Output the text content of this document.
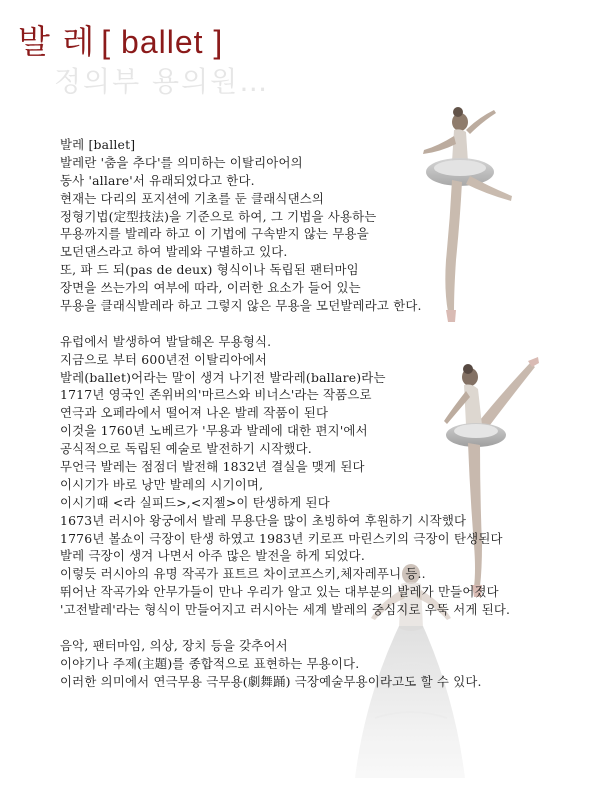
정의부 용의원…
발 레 [ ballet ]
발레 [ballet]
발레란 '춤을 추다'를 의미하는 이탈리아어의
동사 'allare'서 유래되었다고 한다.
현재는 다리의 포지션에 기초를 둔 클래식댄스의
정형기법(定型技法)을 기준으로 하여, 그 기법을 사용하는
무용까지를 발레라 하고 이 기법에 구속받지 않는 무용을
모던댄스라고 하여 발레와 구별하고 있다.
또, 파 드 되(pas de deux) 형식이나 독립된 팬터마임
장면을 쓰는가의 여부에 따라, 이러한 요소가 들어 있는
무용을 클래식발레라 하고 그렇지 않은 무용을 모던발레라고 한다.
유럽에서 발생하여 발달해온 무용형식.
지금으로 부터 600년전 이탈리아에서
발레(ballet)어라는 말이 생겨 나기전 발라레(ballare)라는
1717년 영국인 존위버의'마르스와 비너스'라는 작품으로
연극과 오페라에서 떨어져 나온 발레 작품이 된다
이것을 1760년 노베르가 '무용과 발레에 대한 편지'에서
공식적으로 독립된 예술로 발전하기 시작했다.
무언극 발레는 점점더 발전해 1832년 결실을 맺게 된다
이시기가 바로 낭만 발레의 시기이며,
이시기때 <라 실피드>,<지젤>이 탄생하게 된다
1673년 러시아 왕궁에서 발레 무용단을 많이 초빙하여 후원하기 시작했다
1776년 볼쇼이 극장이 탄생 하였고 1983년 키로프 마린스키의 극장이 탄생된다
발레 극장이 생겨 나면서 아주 많은 발전을 하게 되었다.
이렇듯 러시아의 유명 작곡가 표트르 차이코프스키,체자레푸니 등..
뛰어난 작곡가와 안무가들이 만나 우리가 알고 있는 대부분의 발레가 만들어졌다
'고전발레'라는 형식이 만들어지고 러시아는 세계 발레의 중심지로 우뚝 서게 된다.
음악, 팬터마임, 의상, 장치 등을 갖추어서
이야기나 주제(主題)를 종합적으로 표현하는 무용이다.
이러한 의미에서 연극무용 극무용(劇舞踊) 극장예술무용이라고도 할 수 있다.
